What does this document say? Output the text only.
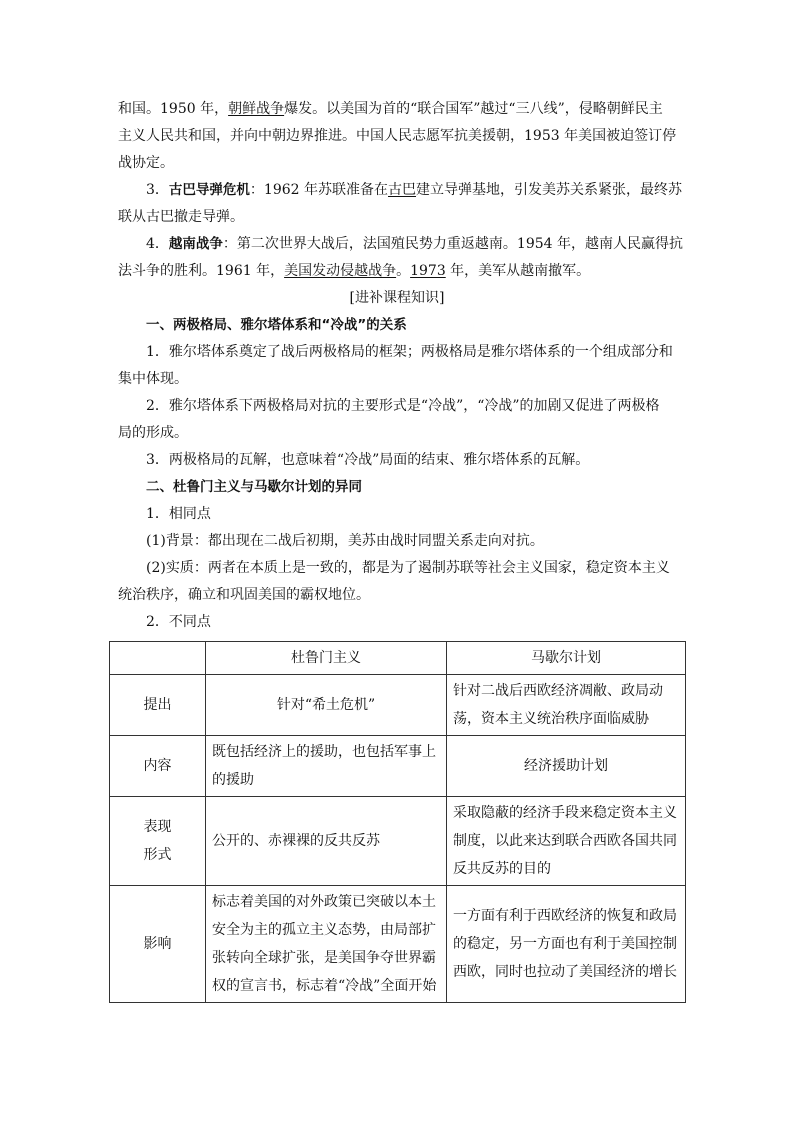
和国。1950 年，朝鲜战争爆发。以美国为首的“联合国军”越过“三八线”，侵略朝鲜民主
主义人民共和国，并向中朝边界推进。中国人民志愿军抗美援朝，1953 年美国被迫签订停
战协定。
3．古巴导弹危机：1962 年苏联准备在古巴建立导弹基地，引发美苏关系紧张，最终苏
联从古巴撤走导弹。
4．越南战争：第二次世界大战后，法国殖民势力重返越南。1954 年，越南人民赢得抗
法斗争的胜利。1961 年，美国发动侵越战争。1973 年，美军从越南撤军。
[进补课程知识]
一、两极格局、雅尔塔体系和“冷战”的关系
1．雅尔塔体系奠定了战后两极格局的框架；两极格局是雅尔塔体系的一个组成部分和
集中体现。
2．雅尔塔体系下两极格局对抗的主要形式是“冷战”，“冷战”的加剧又促进了两极格
局的形成。
3．两极格局的瓦解，也意味着“冷战”局面的结束、雅尔塔体系的瓦解。
二、杜鲁门主义与马歇尔计划的异同
1．相同点
(1)背景：都出现在二战后初期，美苏由战时同盟关系走向对抗。
(2)实质：两者在本质上是一致的，都是为了遏制苏联等社会主义国家，稳定资本主义
统治秩序，确立和巩固美国的霸权地位。
2．不同点
	杜鲁门主义	马歇尔计划
提出	针对“希土危机”	针对二战后西欧经济凋敝、政局动荡，资本主义统治秩序面临威胁
内容	既包括经济上的援助，也包括军事上的援助	经济援助计划
表现形式	公开的、赤裸裸的反共反苏	采取隐蔽的经济手段来稳定资本主义制度，以此来达到联合西欧各国共同反共反苏的目的
影响	标志着美国的对外政策已突破以本土安全为主的孤立主义态势，由局部扩张转向全球扩张，是美国争夺世界霸权的宣言书，标志着“冷战”全面开始	一方面有利于西欧经济的恢复和政局的稳定，另一方面也有利于美国控制西欧，同时也拉动了美国经济的增长
